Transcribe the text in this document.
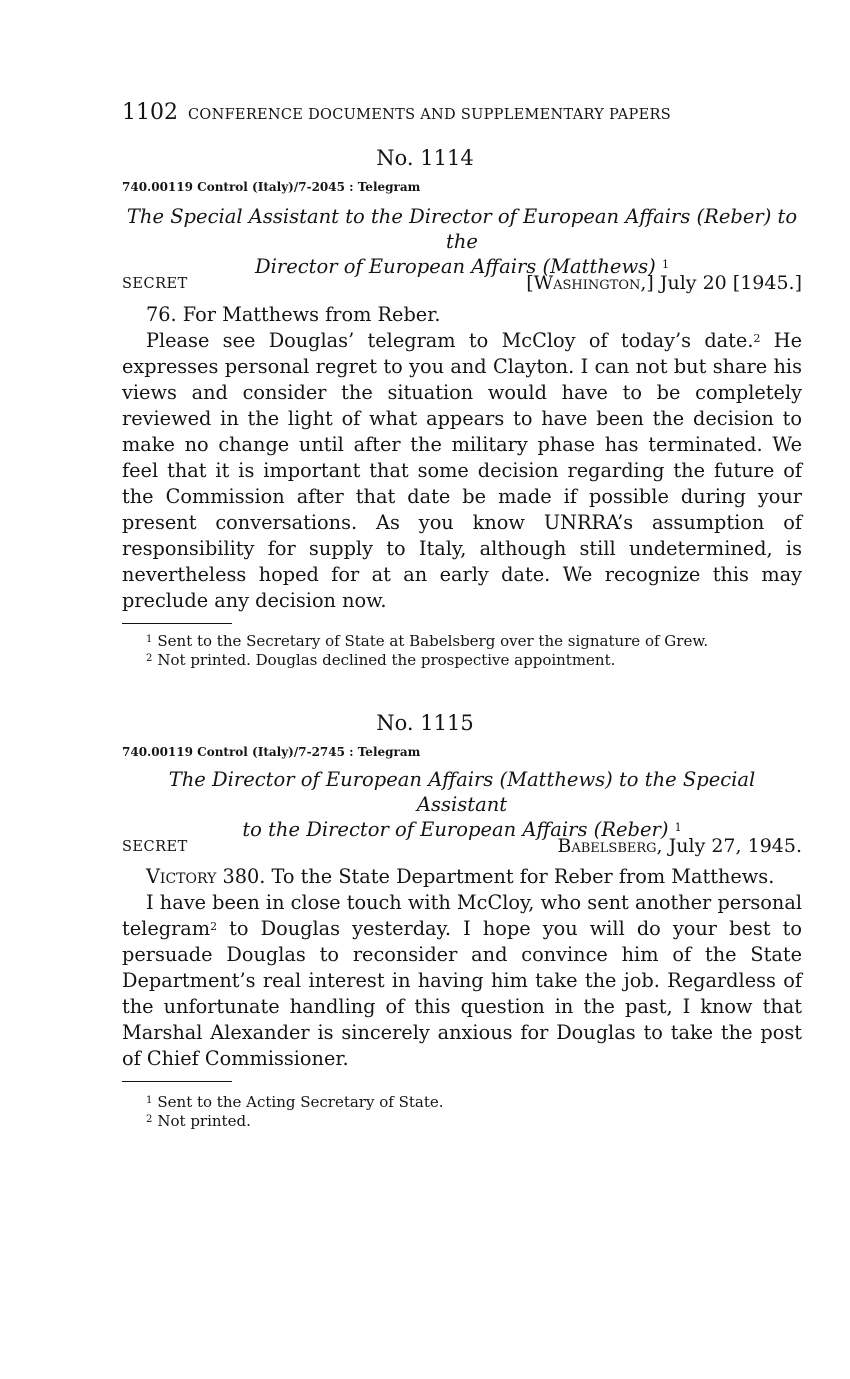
1102 CONFERENCE DOCUMENTS AND SUPPLEMENTARY PAPERS
No. 1114
740.00119 Control (Italy)/7-2045 : Telegram
The Special Assistant to the Director of European Affairs (Reber) to the
Director of European Affairs (Matthews) $^1$
SECRET	[Washington,] July 20 [1945.]

76. For Matthews from Reber.

Please see Douglas’ telegram to McCloy of today’s date.$^2$ He expresses personal regret to you and Clayton. I can not but share his views and consider the situation would have to be completely reviewed in the light of what appears to have been the decision to make no change until after the military phase has terminated. We feel that it is important that some decision regarding the future of the Commission after that date be made if possible during your present conversations. As you know UNRRA’s assumption of responsibility for supply to Italy, although still undetermined, is nevertheless hoped for at an early date. We recognize this may preclude any decision now.

$^1$ Sent to the Secretary of State at Babelsberg over the signature of Grew.
$^2$ Not printed. Douglas declined the prospective appointment.
No. 1115
740.00119 Control (Italy)/7-2745 : Telegram
The Director of European Affairs (Matthews) to the Special Assistant
to the Director of European Affairs (Reber) $^1$
SECRET	Babelsberg, July 27, 1945.

Victory 380. To the State Department for Reber from Matthews.

I have been in close touch with McCloy, who sent another personal telegram$^2$ to Douglas yesterday. I hope you will do your best to persuade Douglas to reconsider and convince him of the State Department’s real interest in having him take the job. Regardless of the unfortunate handling of this question in the past, I know that Marshal Alexander is sincerely anxious for Douglas to take the post of Chief Commissioner.

$^1$ Sent to the Acting Secretary of State.
$^2$ Not printed.
